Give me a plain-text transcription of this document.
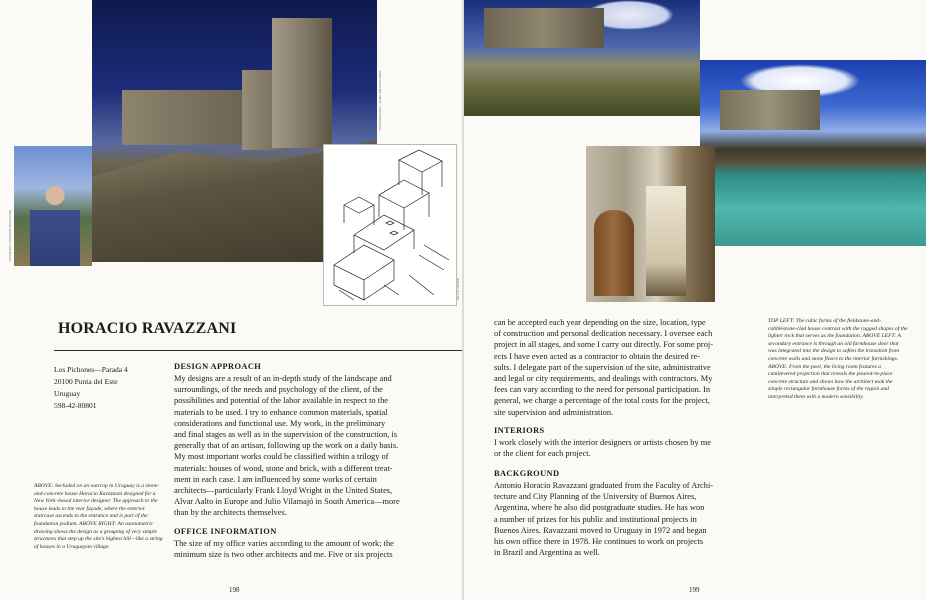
PHOTOGRAPHY: JAIME ARDILES-ARCE
COURTESY HORACIO RAVAZZANI
MATTE ARDEN
HORACIO RAVAZZANI
Los Pichones—Parada 4
20100 Punta del Este
Uruguay
598-42-80801
ABOVE: Secluded on an outcrop in Uruguay is a stone-and-concrete house Horacio Ravazzani designed for a New York–based interior designer. The approach to the house leads to the rear façade, where the exterior staircase ascends to the entrance and is part of the foundation podium. ABOVE RIGHT: An axonometric drawing shows the design as a grouping of very simple structures that step up the site's highest hill—like a string of houses in a Uruguayan village.
DESIGN APPROACH
My designs are a result of an in-depth study of the landscape and
surroundings, of the needs and psychology of the client, of the
possibilities and potential of the labor available in respect to the
materials to be used. I try to enhance common materials, spatial
considerations and functional use. My work, in the preliminary
and final stages as well as in the supervision of the construction, is
generally that of an artisan, following up the work on a daily basis.
My most important works could be classified within a trilogy of
materials: houses of wood, stone and brick, with a different treat-
ment in each case. I am influenced by some works of certain
architects—particularly Frank Lloyd Wright in the United States,
Alvar Aalto in Europe and Julio Vilamajó in South America—more
than by the architects themselves.
OFFICE INFORMATION
The size of my office varies according to the amount of work; the
minimum size is two other architects and me. Five or six projects
198
can be accepted each year depending on the size, location, type
of construction and personal dedication necessary. I oversee each
project in all stages, and some I carry out directly. For some proj-
ects I have even acted as a contractor to obtain the desired re-
sults. I delegate part of the supervision of the site, administrative
and legal or city requirements, and dealings with contractors. My
fees can vary according to the need for personal participation. In
general, we charge a percentage of the total costs for the project,
site supervision and administration.
INTERIORS
I work closely with the interior designers or artists chosen by me
or the client for each project.
BACKGROUND
Antonio Horacio Ravazzani graduated from the Faculty of Archi-
tecture and City Planning of the University of Buenos Aires,
Argentina, where he also did postgraduate studies. He has won
a number of prizes for his public and institutional projects in
Buenos Aires. Ravazzani moved to Uruguay in 1972 and began
his own office there in 1978. He continues to work on projects
in Brazil and Argentina as well.
TOP LEFT: The cubic forms of the fieldstone-and-cobblestone-clad house contrast with the rugged shapes of the lighter rock that serves as the foundation. ABOVE LEFT: A secondary entrance is through an old farmhouse door that was integrated into the design to soften the transition from concrete walls and stone floors to the interior furnishings. ABOVE: From the pool, the living room features a cantilevered projection that reveals the poured-in-place concrete structure and shows how the architect took the simple rectangular farmhouse forms of the region and interpreted them with a modern sensibility.
199
